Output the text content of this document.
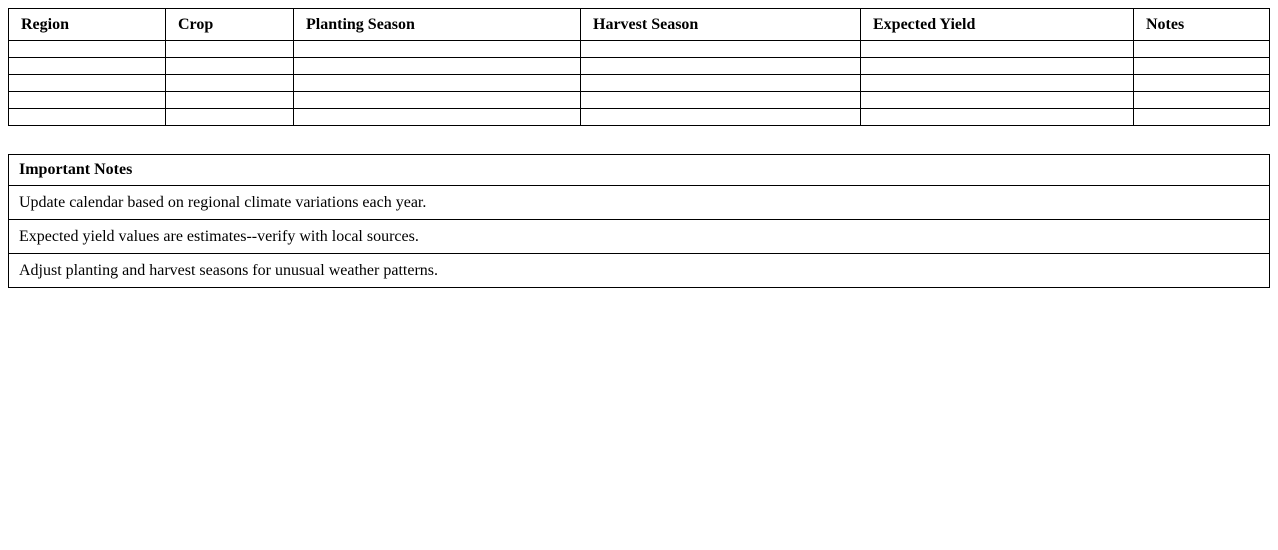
Region	Crop	Planting Season	Harvest Season	Expected Yield	Notes

Important Notes
Update calendar based on regional climate variations each year.
Expected yield values are estimates--verify with local sources.
Adjust planting and harvest seasons for unusual weather patterns.
